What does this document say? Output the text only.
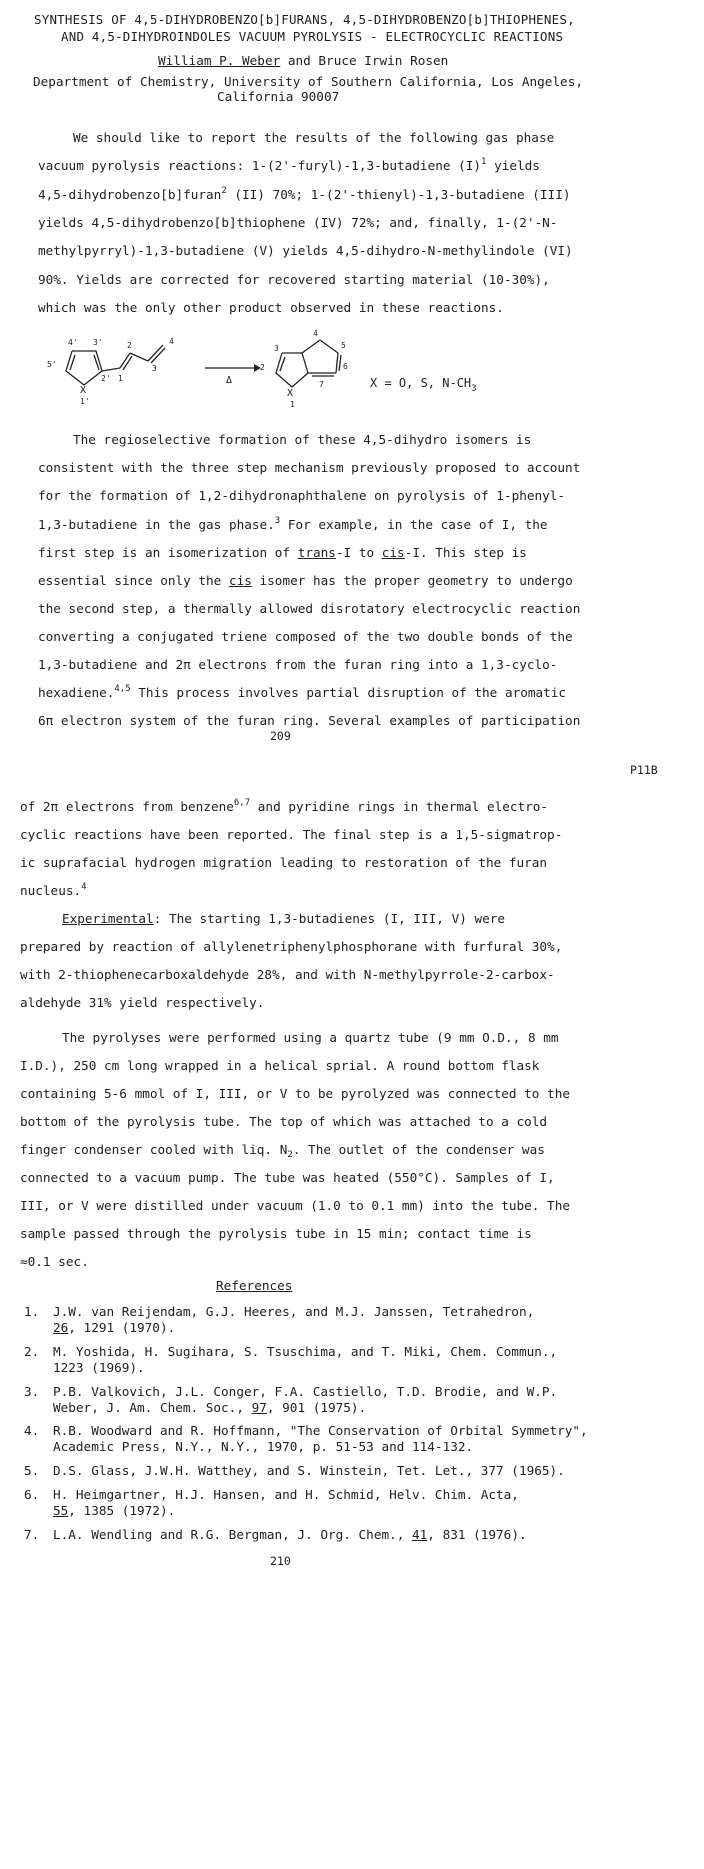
SYNTHESIS OF 4,5-DIHYDROBENZO[b]FURANS, 4,5-DIHYDROBENZO[b]THIOPHENES,
AND 4,5-DIHYDROINDOLES VACUUM PYROLYSIS - ELECTROCYCLIC REACTIONS
William P. Weber and Bruce Irwin Rosen
Department of Chemistry, University of Southern California, Los Angeles,
California 90007
We should like to report the results of the following gas phase
vacuum pyrolysis reactions: 1-(2'-furyl)-1,3-butadiene $(I)^1$ yields
4,5-dihydrobenzo[b]furan$^2$ (II) 70%; 1-(2'-thienyl)-1,3-butadiene (III)
yields 4,5-dihydrobenzo[b]thiophene (IV) 72%; and, finally, 1-(2'-N-
methylpyrryl)-1,3-butadiene (V) yields 4,5-dihydro-N-methylindole (VI)
90%. Yields are corrected for recovered starting material (10-30%),
which was the only other product observed in these reactions.
4' 3'
5'
2'
X
1'
1
2
3
4
Δ
3
4
5
6
2
X
7
1
X = O, S, $N-CH_3$
The regioselective formation of these 4,5-dihydro isomers is
consistent with the three step mechanism previously proposed to account
for the formation of 1,2-dihydronaphthalene on pyrolysis of 1-phenyl-
1,3-butadiene in the gas phase.$^3$ For example, in the case of I, the
first step is an isomerization of trans-I to cis-I. This step is
essential since only the cis isomer has the proper geometry to undergo
the second step, a thermally allowed disrotatory electrocyclic reaction
converting a conjugated triene composed of the two double bonds of the
1,3-butadiene and 2π electrons from the furan ring into a 1,3-cyclo-
hexadiene.$^{4,5}$ This process involves partial disruption of the aromatic
6π electron system of the furan ring. Several examples of participation
209
P11B
of 2π electrons from benzene$^{6,7}$ and pyridine rings in thermal electro-
cyclic reactions have been reported. The final step is a 1,5-sigmatrop-
ic suprafacial hydrogen migration leading to restoration of the furan
nucleus.$^4$
Experimental: The starting 1,3-butadienes (I, III, V) were
prepared by reaction of allylenetriphenylphosphorane with furfural 30%,
with 2-thiophenecarboxaldehyde 28%, and with N-methylpyrrole-2-carbox-
aldehyde 31% yield respectively.
The pyrolyses were performed using a quartz tube (9 mm O.D., 8 mm
I.D.), 250 cm long wrapped in a helical sprial. A round bottom flask
containing 5-6 mmol of I, III, or V to be pyrolyzed was connected to the
bottom of the pyrolysis tube. The top of which was attached to a cold
finger condenser cooled with liq. $N_2$. The outlet of the condenser was
connected to a vacuum pump. The tube was heated (550°C). Samples of I,
III, or V were distilled under vacuum (1.0 to 0.1 mm) into the tube. The
sample passed through the pyrolysis tube in 15 min; contact time is
≈0.1 sec.
References
1. J.W. van Reijendam, G.J. Heeres, and M.J. Janssen, Tetrahedron,
26, 1291 (1970).
2. M. Yoshida, H. Sugihara, S. Tsuschima, and T. Miki, Chem. Commun.,
1223 (1969).
3. P.B. Valkovich, J.L. Conger, F.A. Castiello, T.D. Brodie, and W.P.
Weber, J. Am. Chem. Soc., 97, 901 (1975).
4. R.B. Woodward and R. Hoffmann, "The Conservation of Orbital Symmetry",
Academic Press, N.Y., N.Y., 1970, p. 51-53 and 114-132.
5. D.S. Glass, J.W.H. Watthey, and S. Winstein, Tet. Let., 377 (1965).
6. H. Heimgartner, H.J. Hansen, and H. Schmid, Helv. Chim. Acta,
55, 1385 (1972).
7. L.A. Wendling and R.G. Bergman, J. Org. Chem., 41, 831 (1976).
210
